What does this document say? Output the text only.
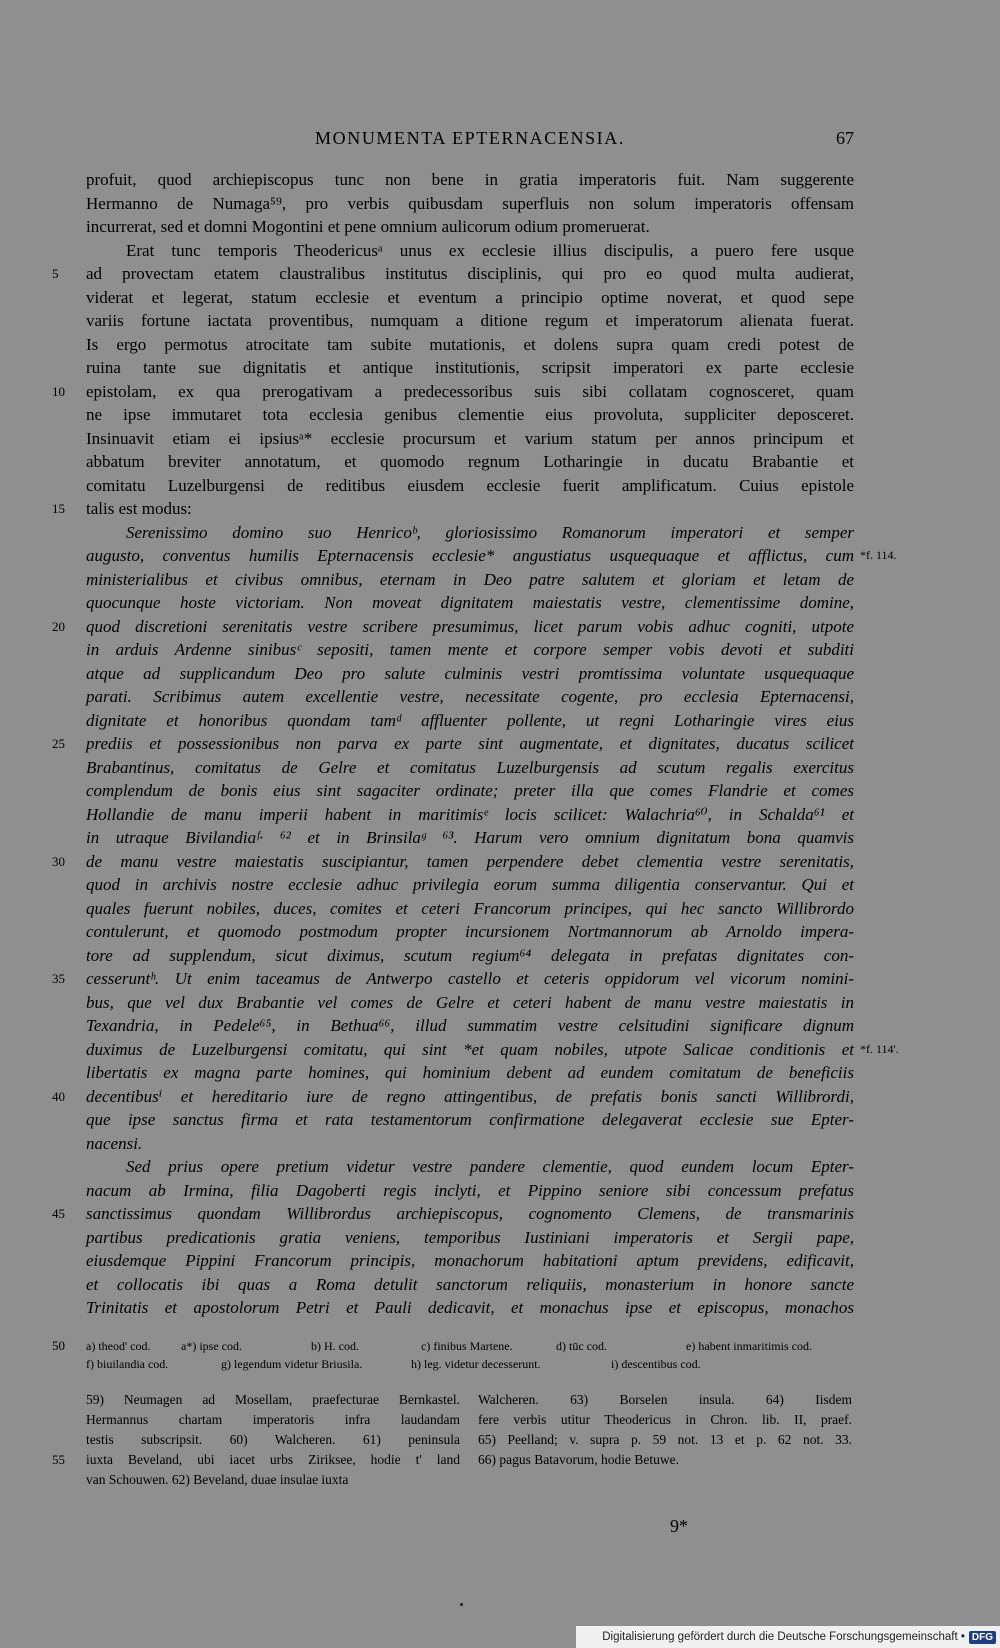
MONUMENTA EPTERNACENSIA.	67
profuit, quod archiepiscopus tunc non bene in gratia imperatoris fuit. Nam suggerente
Hermanno de Numaga⁵⁹, pro verbis quibusdam superfluis non solum imperatoris offensam
incurrerat, sed et domni Mogontini et pene omnium aulicorum odium promeruerat.
Erat tunc temporis Theodericusᵃ unus ex ecclesie illius discipulis, a puero fere usque
ad provectam etatem claustralibus institutus disciplinis, qui pro eo quod multa audierat,
5
viderat et legerat, statum ecclesie et eventum a principio optime noverat, et quod sepe
variis fortune iactata proventibus, numquam a ditione regum et imperatorum alienata fuerat.
Is ergo permotus atrocitate tam subite mutationis, et dolens supra quam credi potest de
ruina tante sue dignitatis et antique institutionis, scripsit imperatori ex parte ecclesie
epistolam, ex qua prerogativam a predecessoribus suis sibi collatam cognosceret, quam
10
ne ipse immutaret tota ecclesia genibus clementie eius provoluta, suppliciter deposceret.
Insinuavit etiam ei ipsiusᵃ* ecclesie procursum et varium statum per annos principum et
abbatum breviter annotatum, et quomodo regnum Lotharingie in ducatu Brabantie et
comitatu Luzelburgensi de reditibus eiusdem ecclesie fuerit amplificatum. Cuius epistole
talis est modus:
15
Serenissimo domino suo Henricoᵇ, gloriosissimo Romanorum imperatori et semper
augusto, conventus humilis Epternacensis ecclesie* angustiatus usquequaque et afflictus, cum *f. 114.
ministerialibus et civibus omnibus, eternam in Deo patre salutem et gloriam et letam de
quocunque hoste victoriam. Non moveat dignitatem maiestatis vestre, clementissime domine,
quod discretioni serenitatis vestre scribere presumimus, licet parum vobis adhuc cogniti, utpote
20
in arduis Ardenne sinibusᶜ sepositi, tamen mente et corpore semper vobis devoti et subditi
atque ad supplicandum Deo pro salute culminis vestri promtissima voluntate usquequaque
parati. Scribimus autem excellentie vestre, necessitate cogente, pro ecclesia Epternacensi,
dignitate et honoribus quondam tamᵈ affluenter pollente, ut regni Lotharingie vires eius
prediis et possessionibus non parva ex parte sint augmentate, et dignitates, ducatus scilicet
25
Brabantinus, comitatus de Gelre et comitatus Luzelburgensis ad scutum regalis exercitus
complendum de bonis eius sint sagaciter ordinate; preter illa que comes Flandrie et comes
Hollandie de manu imperii habent in maritimisᵉ locis scilicet: Walachria⁶⁰, in Schalda⁶¹ et
in utraque Bivilandiaᶠ· ⁶² et in Brinsilaᵍ ⁶³. Harum vero omnium dignitatum bona quamvis
de manu vestre maiestatis suscipiantur, tamen perpendere debet clementia vestre serenitatis,
30
quod in archivis nostre ecclesie adhuc privilegia eorum summa diligentia conservantur. Qui et
quales fuerunt nobiles, duces, comites et ceteri Francorum principes, qui hec sancto Willibrordo
contulerunt, et quomodo postmodum propter incursionem Nortmannorum ab Arnoldo impera-
tore ad supplendum, sicut diximus, scutum regium⁶⁴ delegata in prefatas dignitates con-
cesseruntʰ. Ut enim taceamus de Antwerpo castello et ceteris oppidorum vel vicorum nomini-
35
bus, que vel dux Brabantie vel comes de Gelre et ceteri habent de manu vestre maiestatis in
Texandria, in Pedele⁶⁵, in Bethua⁶⁶, illud summatim vestre celsitudini significare dignum
duximus de Luzelburgensi comitatu, qui sint *et quam nobiles, utpote Salicae conditionis et *f. 114'.
libertatis ex magna parte homines, qui hominium debent ad eundem comitatum de beneficiis
decentibusⁱ et hereditario iure de regno attingentibus, de prefatis bonis sancti Willibrordi,
40
que ipse sanctus firma et rata testamentorum confirmatione delegaverat ecclesie sue Epter-
nacensi.
Sed prius opere pretium videtur vestre pandere clementie, quod eundem locum Epter-
nacum ab Irmina, filia Dagoberti regis inclyti, et Pippino seniore sibi concessum prefatus
sanctissimus quondam Willibrordus archiepiscopus, cognomento Clemens, de transmarinis
45
partibus predicationis gratia veniens, temporibus Iustiniani imperatoris et Sergii pape,
eiusdemque Pippini Francorum principis, monachorum habitationi aptum previdens, edificavit,
et collocatis ibi quas a Roma detulit sanctorum reliquiis, monasterium in honore sancte
Trinitatis et apostolorum Petri et Pauli dedicavit, et monachus ipse et episcopus, monachos
50 a) theod' cod.	a*) ipse cod.	b) H. cod.	c) finibus Martene.	d) tūc cod.	e) habent inmaritimis cod.
f) biuilandia cod.	g) legendum videtur Briusila.	h) leg. videtur decesserunt.	i) descentibus cod.
59) Neumagen ad Mosellam, praefecturae Bernkastel.
Hermannus chartam imperatoris infra laudandam
testis subscripsit. 60) Walcheren. 61) peninsula
iuxta Beveland, ubi iacet urbs Ziriksee, hodie t' land
55
van Schouwen. 62) Beveland, duae insulae iuxta
Walcheren. 63) Borselen insula. 64) Iisdem
fere verbis utitur Theodericus in Chron. lib. II, praef.
65) Peelland; v. supra p. 59 not. 13 et p. 62 not. 33.
66) pagus Batavorum, hodie Betuwe.
9*
Digitalisierung gefördert durch die Deutsche Forschungsgemeinschaft • DFG
